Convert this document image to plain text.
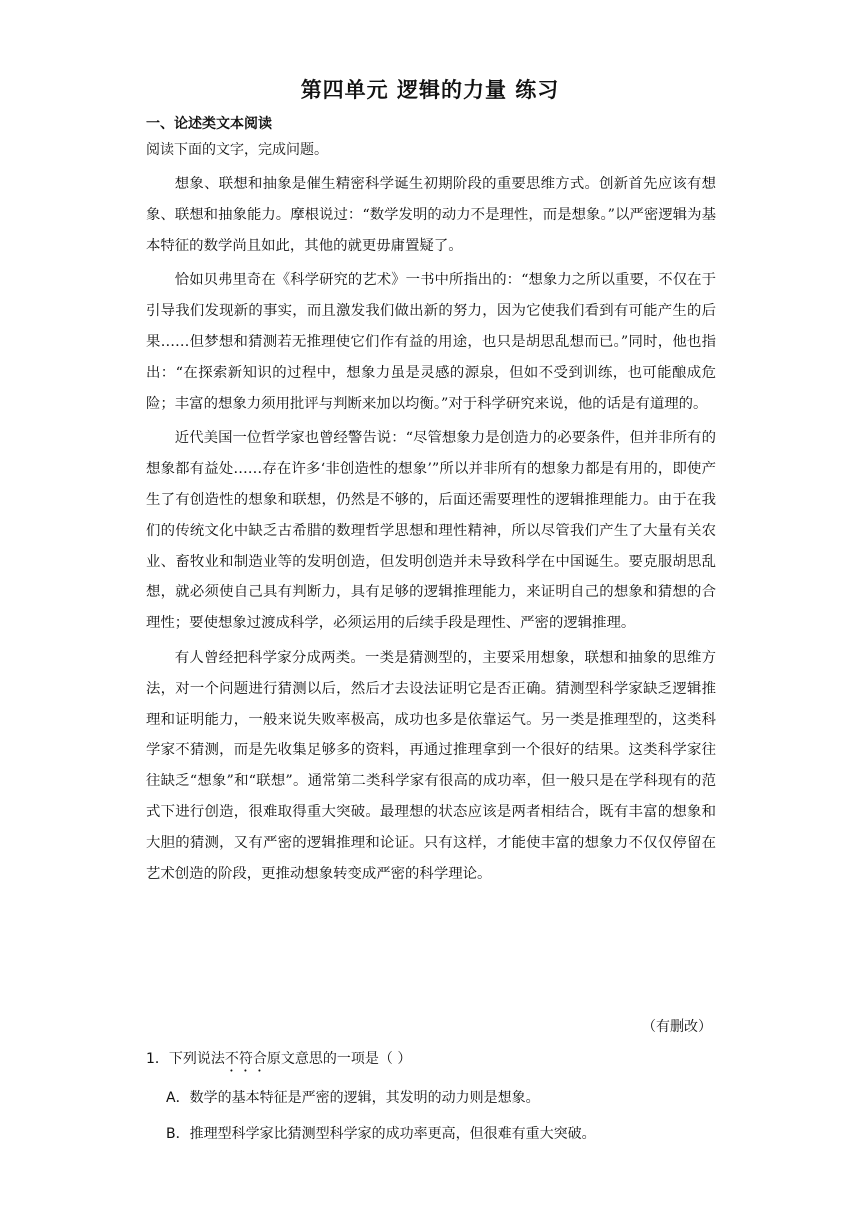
第四单元 逻辑的力量 练习
一、论述类文本阅读
阅读下面的文字，完成问题。

想象、联想和抽象是催生精密科学诞生初期阶段的重要思维方式。创新首先应该有想象、联想和抽象能力。摩根说过：“数学发明的动力不是理性，而是想象。”以严密逻辑为基本特征的数学尚且如此，其他的就更毋庸置疑了。

恰如贝弗里奇在《科学研究的艺术》一书中所指出的：“想象力之所以重要，不仅在于引导我们发现新的事实，而且激发我们做出新的努力，因为它使我们看到有可能产生的后果……但梦想和猜测若无推理使它们作有益的用途，也只是胡思乱想而已。”同时，他也指出：“在探索新知识的过程中，想象力虽是灵感的源泉，但如不受到训练，也可能酿成危险；丰富的想象力须用批评与判断来加以均衡。”对于科学研究来说，他的话是有道理的。

近代美国一位哲学家也曾经警告说：“尽管想象力是创造力的必要条件，但并非所有的想象都有益处……存在许多‘非创造性的想象’”所以并非所有的想象力都是有用的，即使产生了有创造性的想象和联想，仍然是不够的，后面还需要理性的逻辑推理能力。由于在我们的传统文化中缺乏古希腊的数理哲学思想和理性精神，所以尽管我们产生了大量有关农业、畜牧业和制造业等的发明创造，但发明创造并未导致科学在中国诞生。要克服胡思乱想，就必须使自己具有判断力，具有足够的逻辑推理能力，来证明自己的想象和猜想的合理性；要使想象过渡成科学，必须运用的后续手段是理性、严密的逻辑推理。

有人曾经把科学家分成两类。一类是猜测型的，主要采用想象，联想和抽象的思维方法，对一个问题进行猜测以后，然后才去设法证明它是否正确。猜测型科学家缺乏逻辑推理和证明能力，一般来说失败率极高，成功也多是依靠运气。另一类是推理型的，这类科学家不猜测，而是先收集足够多的资料，再通过推理拿到一个很好的结果。这类科学家往往缺乏“想象”和“联想”。通常第二类科学家有很高的成功率，但一般只是在学科现有的范式下进行创造，很难取得重大突破。最理想的状态应该是两者相结合，既有丰富的想象和大胆的猜测，又有严密的逻辑推理和论证。只有这样，才能使丰富的想象力不仅仅停留在艺术创造的阶段，更推动想象转变成严密的科学理论。

（有删改）
1．下列说法不符合原文意思的一项是（ ）
A．数学的基本特征是严密的逻辑，其发明的动力则是想象。
B．推理型科学家比猜测型科学家的成功率更高，但很难有重大突破。
